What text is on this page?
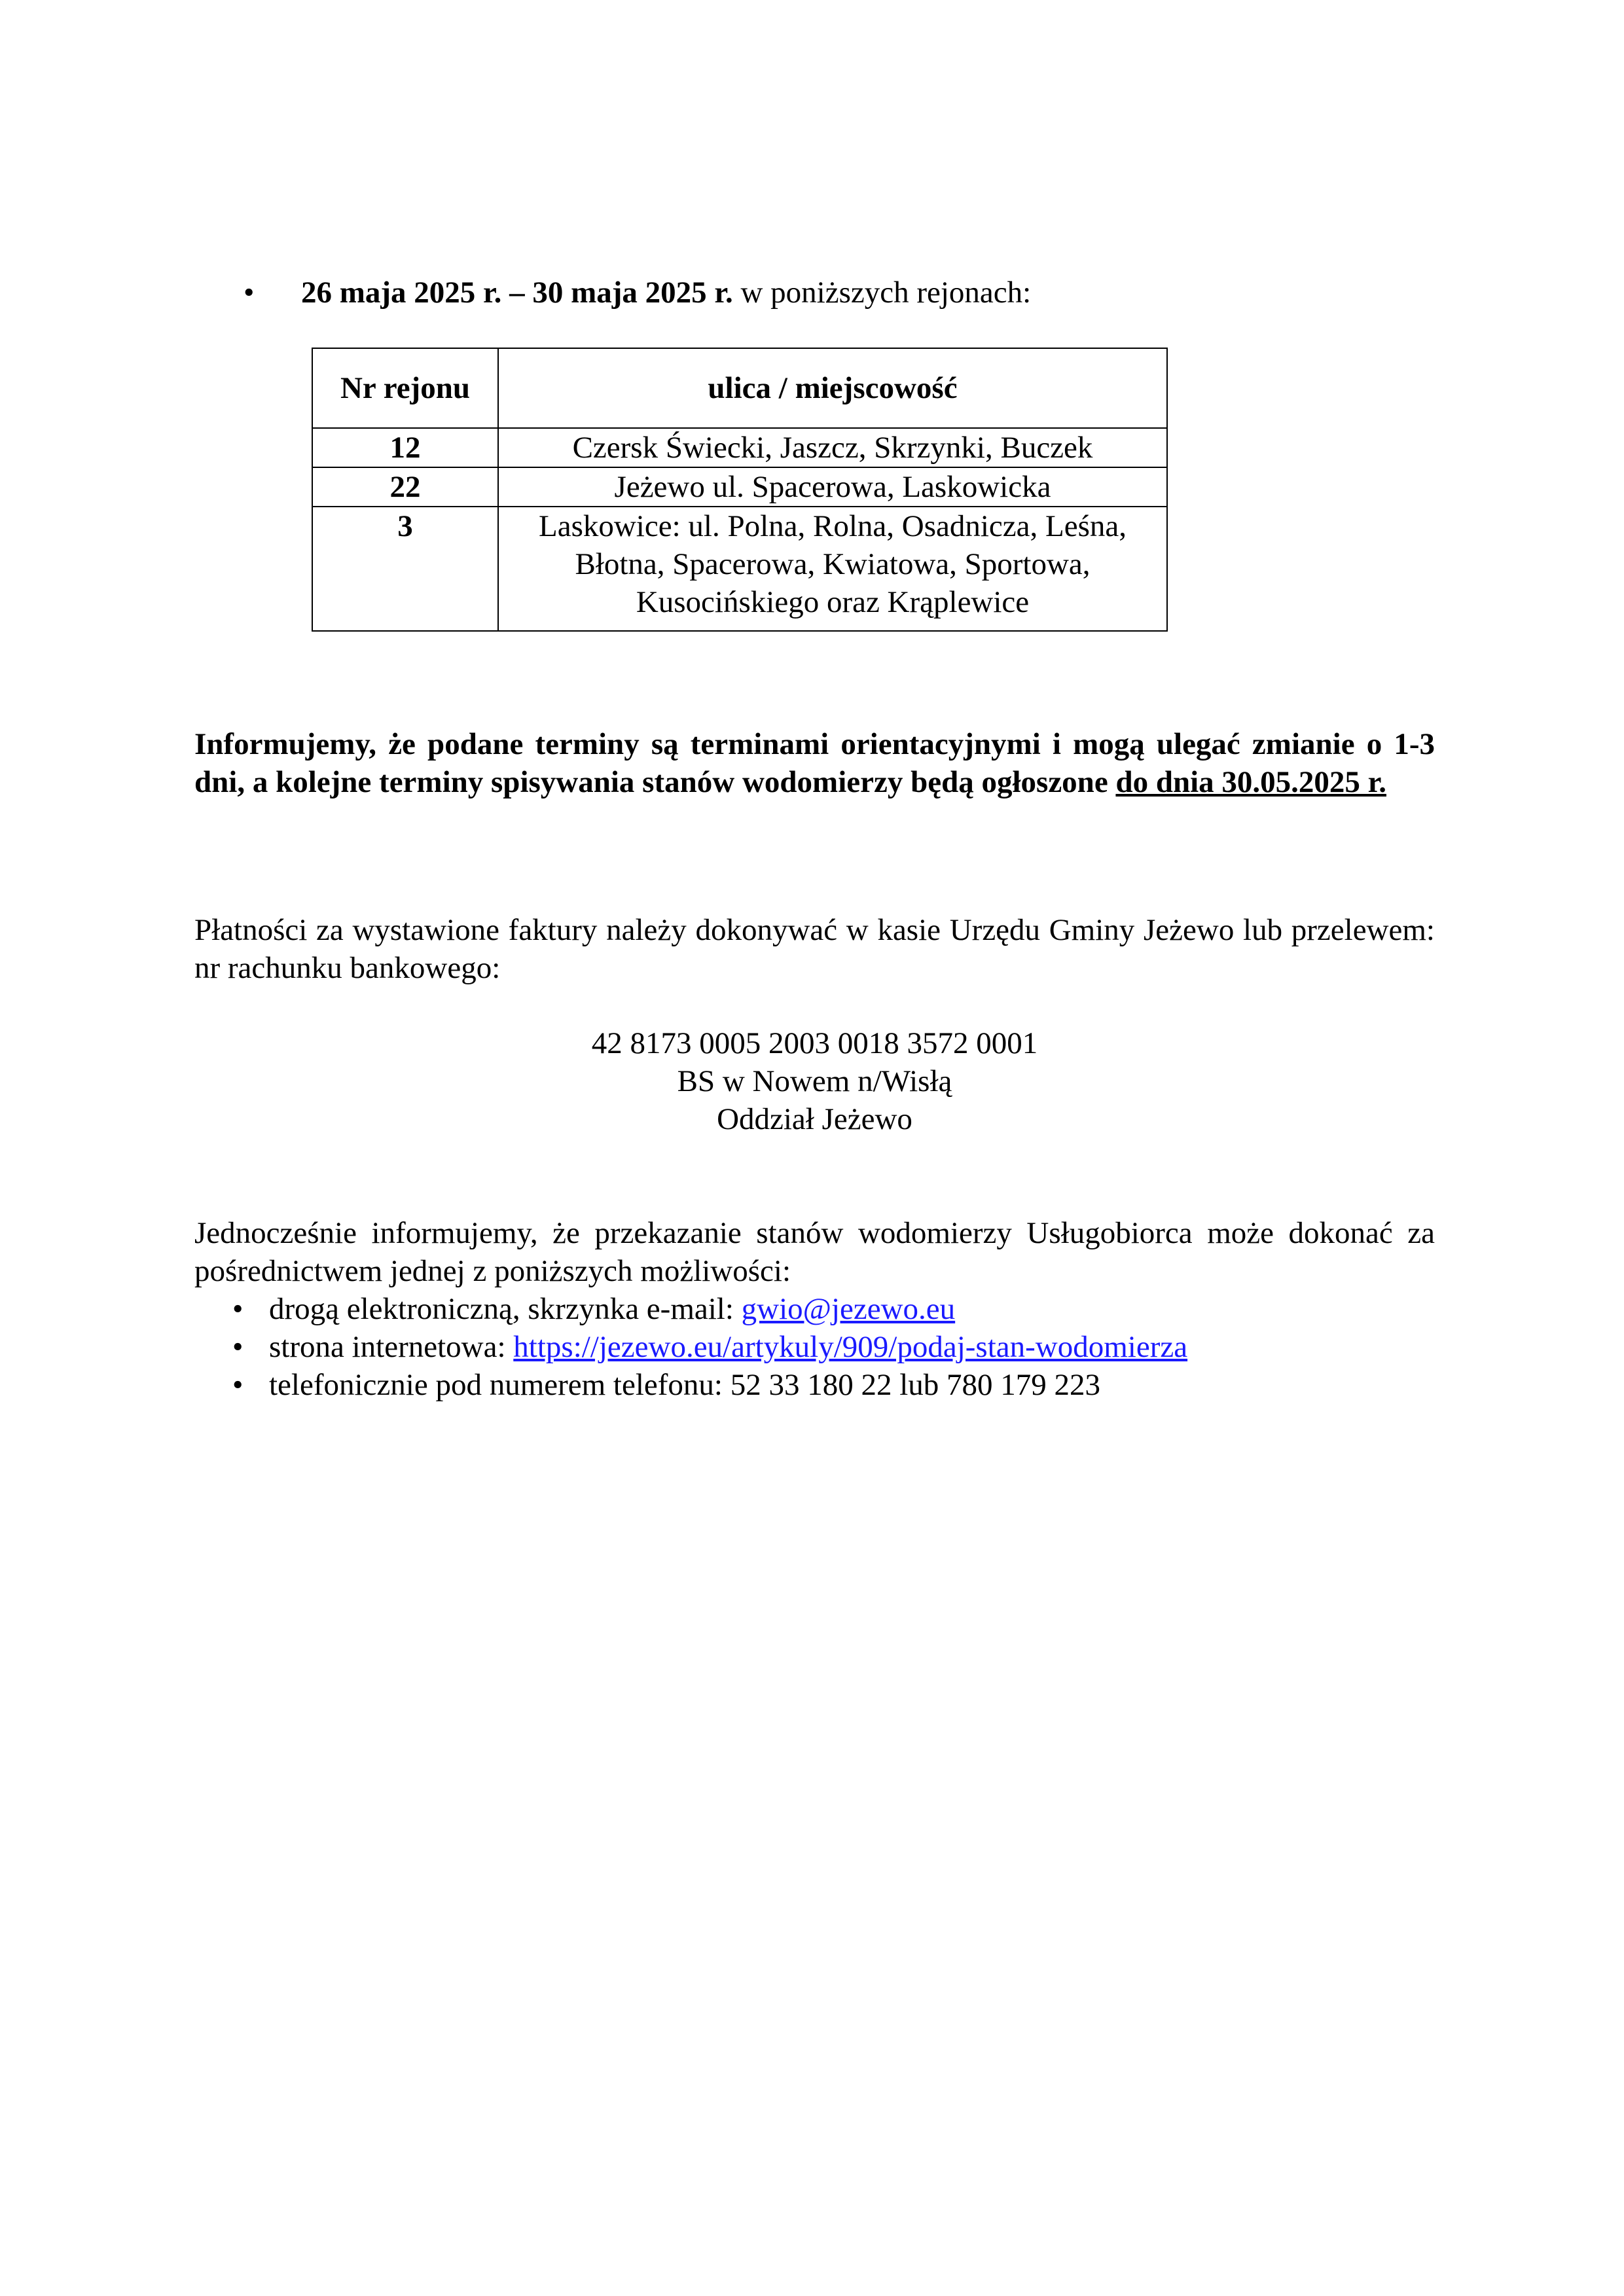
• 26 maja 2025 r. – 30 maja 2025 r. w poniższych rejonach:
Nr rejonu	ulica / miejscowość
12	Czersk Świecki, Jaszcz, Skrzynki, Buczek
22	Jeżewo ul. Spacerowa, Laskowicka
3	Laskowice: ul. Polna, Rolna, Osadnicza, Leśna,
Błotna, Spacerowa, Kwiatowa, Sportowa,
Kusocińskiego oraz Krąplewice
Informujemy, że podane terminy są terminami orientacyjnymi i mogą ulegać zmianie o 1-3 dni, a kolejne terminy spisywania stanów wodomierzy będą ogłoszone do dnia 30.05.2025 r.
Płatności za wystawione faktury należy dokonywać w kasie Urzędu Gminy Jeżewo lub przelewem: nr rachunku bankowego:
42 8173 0005 2003 0018 3572 0001
BS w Nowem n/Wisłą
Oddział Jeżewo
Jednocześnie informujemy, że przekazanie stanów wodomierzy Usługobiorca może dokonać za pośrednictwem jednej z poniższych możliwości:
• drogą elektroniczną, skrzynka e-mail: gwio@jezewo.eu
• strona internetowa: https://jezewo.eu/artykuly/909/podaj-stan-wodomierza
• telefonicznie pod numerem telefonu: 52 33 180 22 lub 780 179 223
